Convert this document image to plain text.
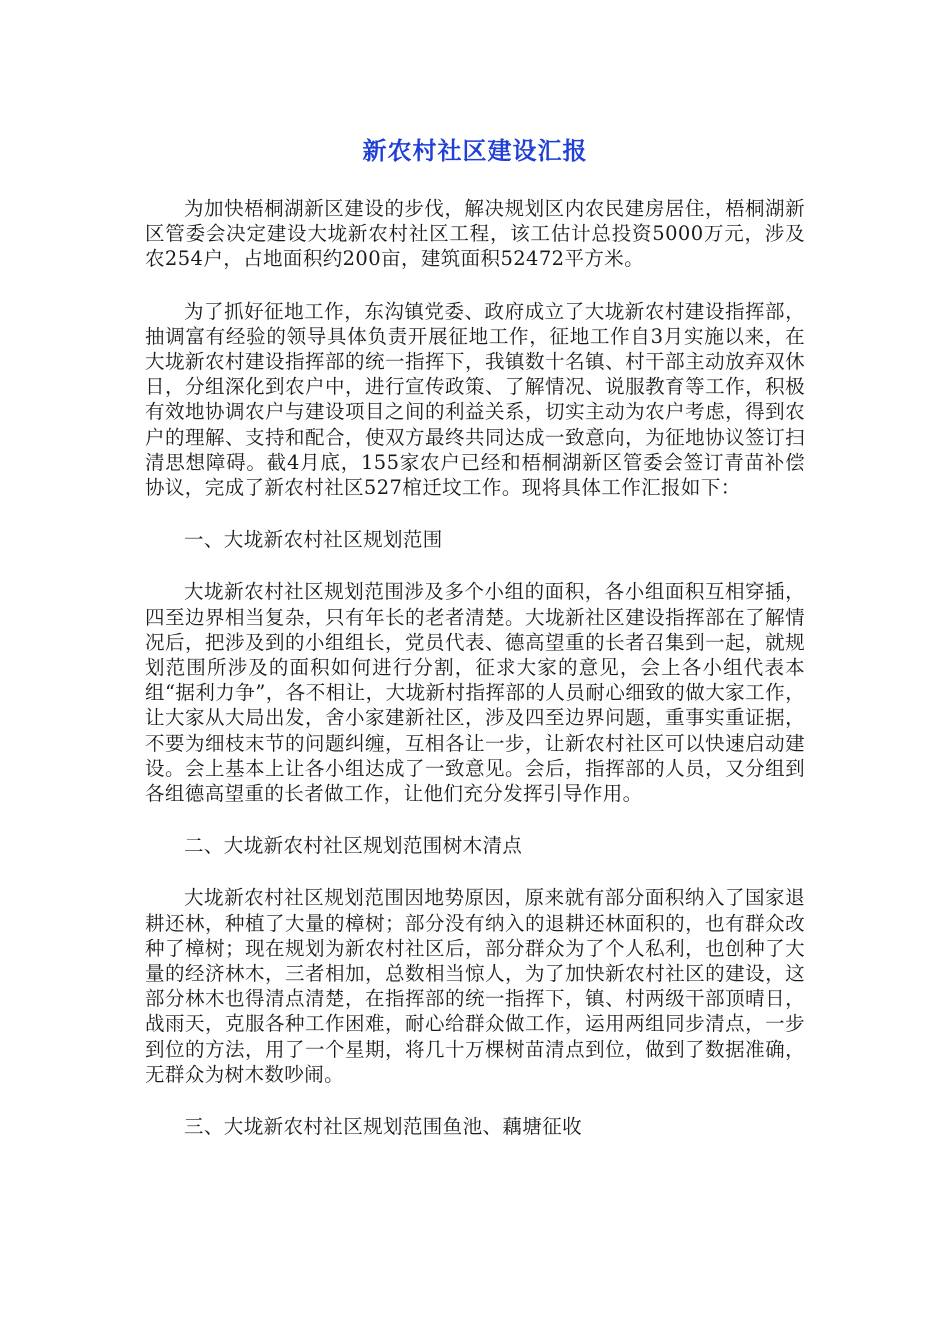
新农村社区建设汇报

为加快梧桐湖新区建设的步伐，解决规划区内农民建房居住，梧桐湖新区管委会决定建设大垅新农村社区工程，该工估计总投资5000万元，涉及农254户，占地面积约200亩，建筑面积52472平方米。

为了抓好征地工作，东沟镇党委、政府成立了大垅新农村建设指挥部，抽调富有经验的领导具体负责开展征地工作，征地工作自3月实施以来，在大垅新农村建设指挥部的统一指挥下，我镇数十名镇、村干部主动放弃双休日，分组深化到农户中，进行宣传政策、了解情况、说服教育等工作，积极有效地协调农户与建设项目之间的利益关系，切实主动为农户考虑，得到农户的理解、支持和配合，使双方最终共同达成一致意向，为征地协议签订扫清思想障碍。截4月底，155家农户已经和梧桐湖新区管委会签订青苗补偿协议，完成了新农村社区527棺迁坟工作。现将具体工作汇报如下：

一、大垅新农村社区规划范围

大垅新农村社区规划范围涉及多个小组的面积，各小组面积互相穿插，四至边界相当复杂，只有年长的老者清楚。大垅新社区建设指挥部在了解情况后，把涉及到的小组组长，党员代表、德高望重的长者召集到一起，就规划范围所涉及的面积如何进行分割，征求大家的意见，会上各小组代表本组“据利力争”，各不相让，大垅新村指挥部的人员耐心细致的做大家工作，让大家从大局出发，舍小家建新社区，涉及四至边界问题，重事实重证据，不要为细枝末节的问题纠缠，互相各让一步，让新农村社区可以快速启动建设。会上基本上让各小组达成了一致意见。会后，指挥部的人员，又分组到各组德高望重的长者做工作，让他们充分发挥引导作用。

二、大垅新农村社区规划范围树木清点

大垅新农村社区规划范围因地势原因，原来就有部分面积纳入了国家退耕还林，种植了大量的樟树；部分没有纳入的退耕还林面积的，也有群众改种了樟树；现在规划为新农村社区后，部分群众为了个人私利，也创种了大量的经济林木，三者相加，总数相当惊人，为了加快新农村社区的建设，这部分林木也得清点清楚，在指挥部的统一指挥下，镇、村两级干部顶晴日，战雨天，克服各种工作困难，耐心给群众做工作，运用两组同步清点，一步到位的方法，用了一个星期，将几十万棵树苗清点到位，做到了数据准确，无群众为树木数吵闹。

三、大垅新农村社区规划范围鱼池、藕塘征收
